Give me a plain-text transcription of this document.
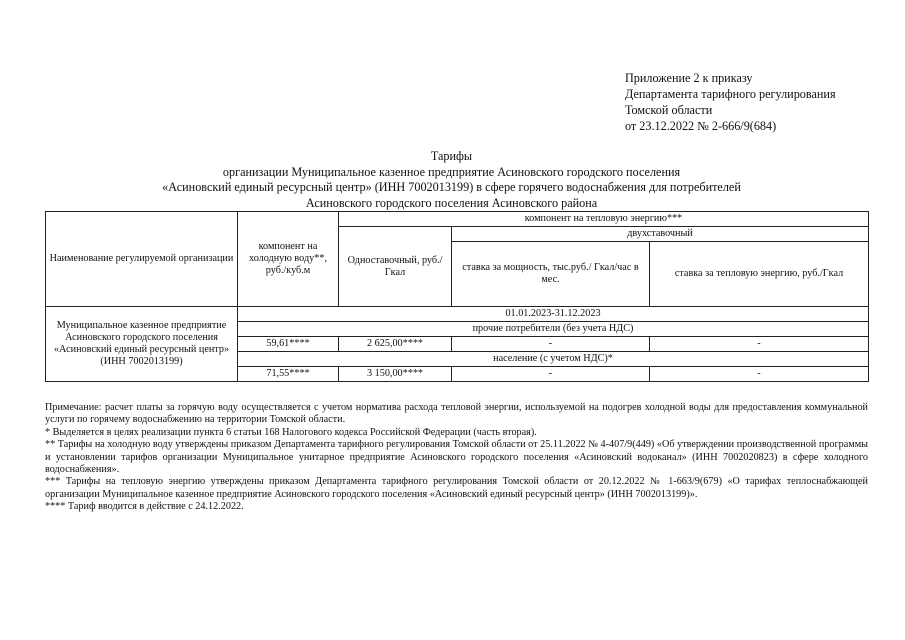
Приложение 2 к приказу
Департамента тарифного регулирования
Томской области
от 23.12.2022 № 2-666/9(684)
Тарифы
организации Муниципальное казенное предприятие Асиновского городского поселения
«Асиновский единый ресурсный центр» (ИНН 7002013199) в сфере горячего водоснабжения для потребителей
Асиновского городского поселения Асиновского района
Наименование регулируемой организации	компонент на холодную воду**, руб./куб.м	компонент на тепловую энергию***		
		Одноставочный, руб./Гкал	двухставочный	
			ставка за мощность, тыс.руб./ Гкал/час в мес.	ставка за тепловую энергию, руб./Гкал
Муниципальное казенное предприятие Асиновского городского поселения «Асиновский единый ресурсный центр» (ИНН 7002013199)	01.01.2023-31.12.2023			
	прочие потребители (без учета НДС)			
	59,61****	2 625,00****	-	-
	население (с учетом НДС)*			
	71,55****	3 150,00****	-	-

Примечание: расчет платы за горячую воду осуществляется с учетом норматива расхода тепловой энергии, используемой на подогрев холодной воды для предоставления коммунальной услуги по горячему водоснабжению на территории Томской области.

* Выделяется в целях реализации пункта 6 статьи 168 Налогового кодекса Российской Федерации (часть вторая).

** Тарифы на холодную воду утверждены приказом Департамента тарифного регулирования Томской области от 25.11.2022 № 4-407/9(449) «Об утверждении производственной программы и установлении тарифов организации Муниципальное унитарное предприятие Асиновского городского поселения «Асиновский водоканал» (ИНН 7002020823) в сфере холодного водоснабжения».

*** Тарифы на тепловую энергию утверждены приказом Департамента тарифного регулирования Томской области от 20.12.2022 № 1-663/9(679) «О тарифах теплоснабжающей организации Муниципальное казенное предприятие Асиновского городского поселения «Асиновский единый ресурсный центр» (ИНН 7002013199)».

**** Тариф вводится в действие с 24.12.2022.
